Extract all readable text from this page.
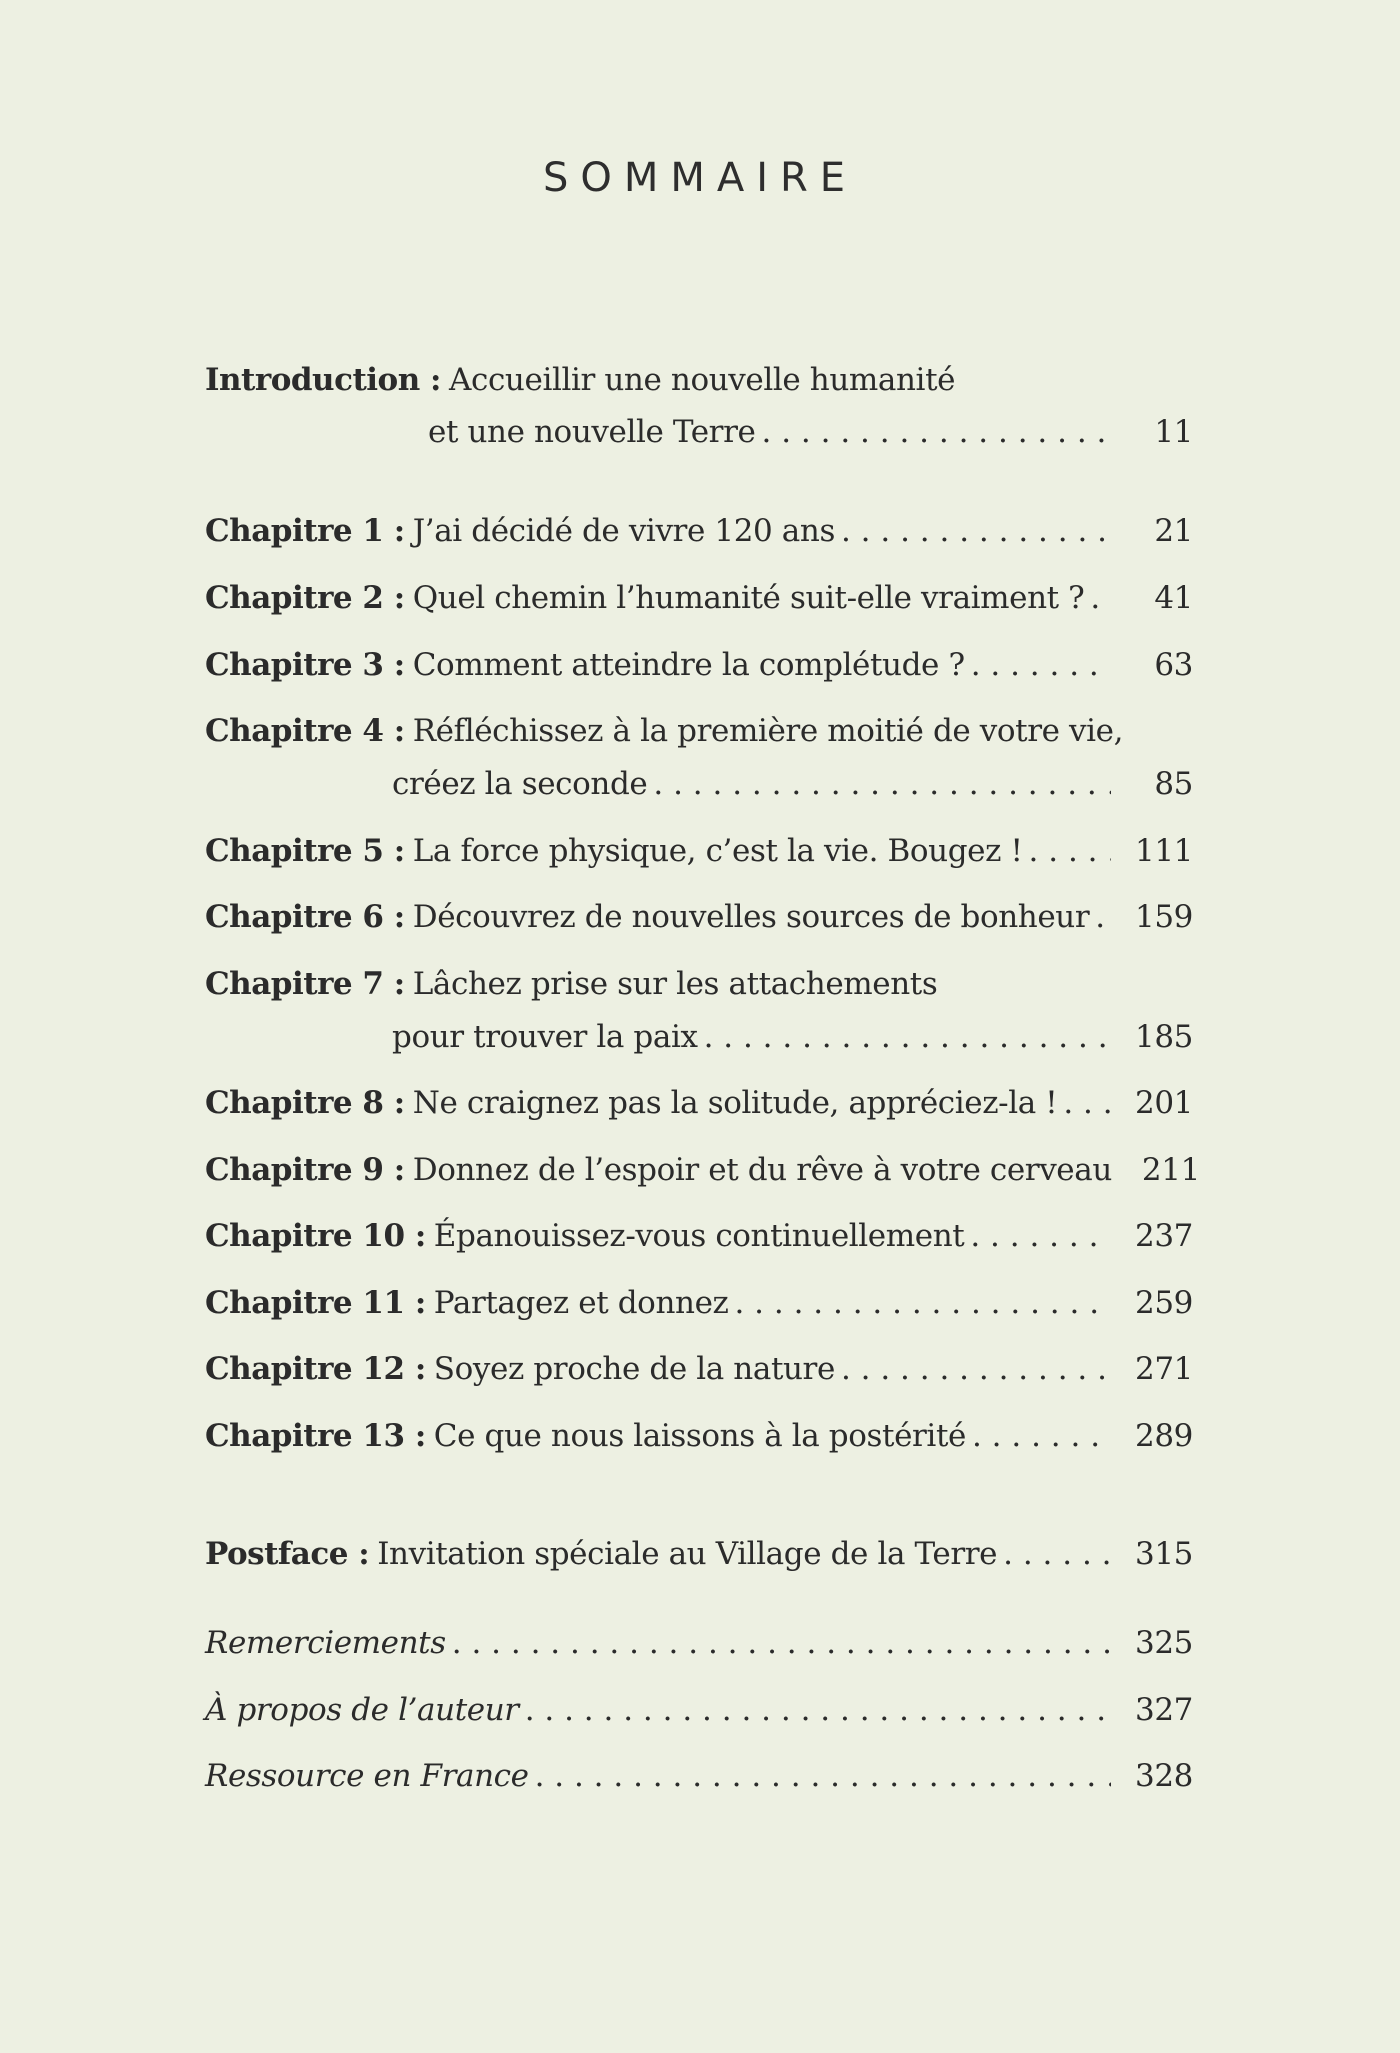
SOMMAIRE
Introduction : Accueillir une nouvelle humanité
et une nouvelle Terre . . .	11
Chapitre 1 : J’ai décidé de vivre 120 ans . . .	21
Chapitre 2 : Quel chemin l’humanité suit-elle vraiment ? . . .	41
Chapitre 3 : Comment atteindre la complétude ? . . .	63
Chapitre 4 : Réfléchissez à la première moitié de votre vie,
créez la seconde . . .	85
Chapitre 5 : La force physique, c’est la vie. Bougez ! . . .	111
Chapitre 6 : Découvrez de nouvelles sources de bonheur . . .	159
Chapitre 7 : Lâchez prise sur les attachements
pour trouver la paix . . .	185
Chapitre 8 : Ne craignez pas la solitude, appréciez-la ! . . .	201
Chapitre 9 : Donnez de l’espoir et du rêve à votre cerveau . . . 211
Chapitre 10 : Épanouissez-vous continuellement . . .	237
Chapitre 11 : Partagez et donnez . . .	259
Chapitre 12 : Soyez proche de la nature . . .	271
Chapitre 13 : Ce que nous laissons à la postérité . . .	289
Postface : Invitation spéciale au Village de la Terre . . .	315
Remerciements . . .	325
À propos de l’auteur . . .	327
Ressource en France . . .	328
